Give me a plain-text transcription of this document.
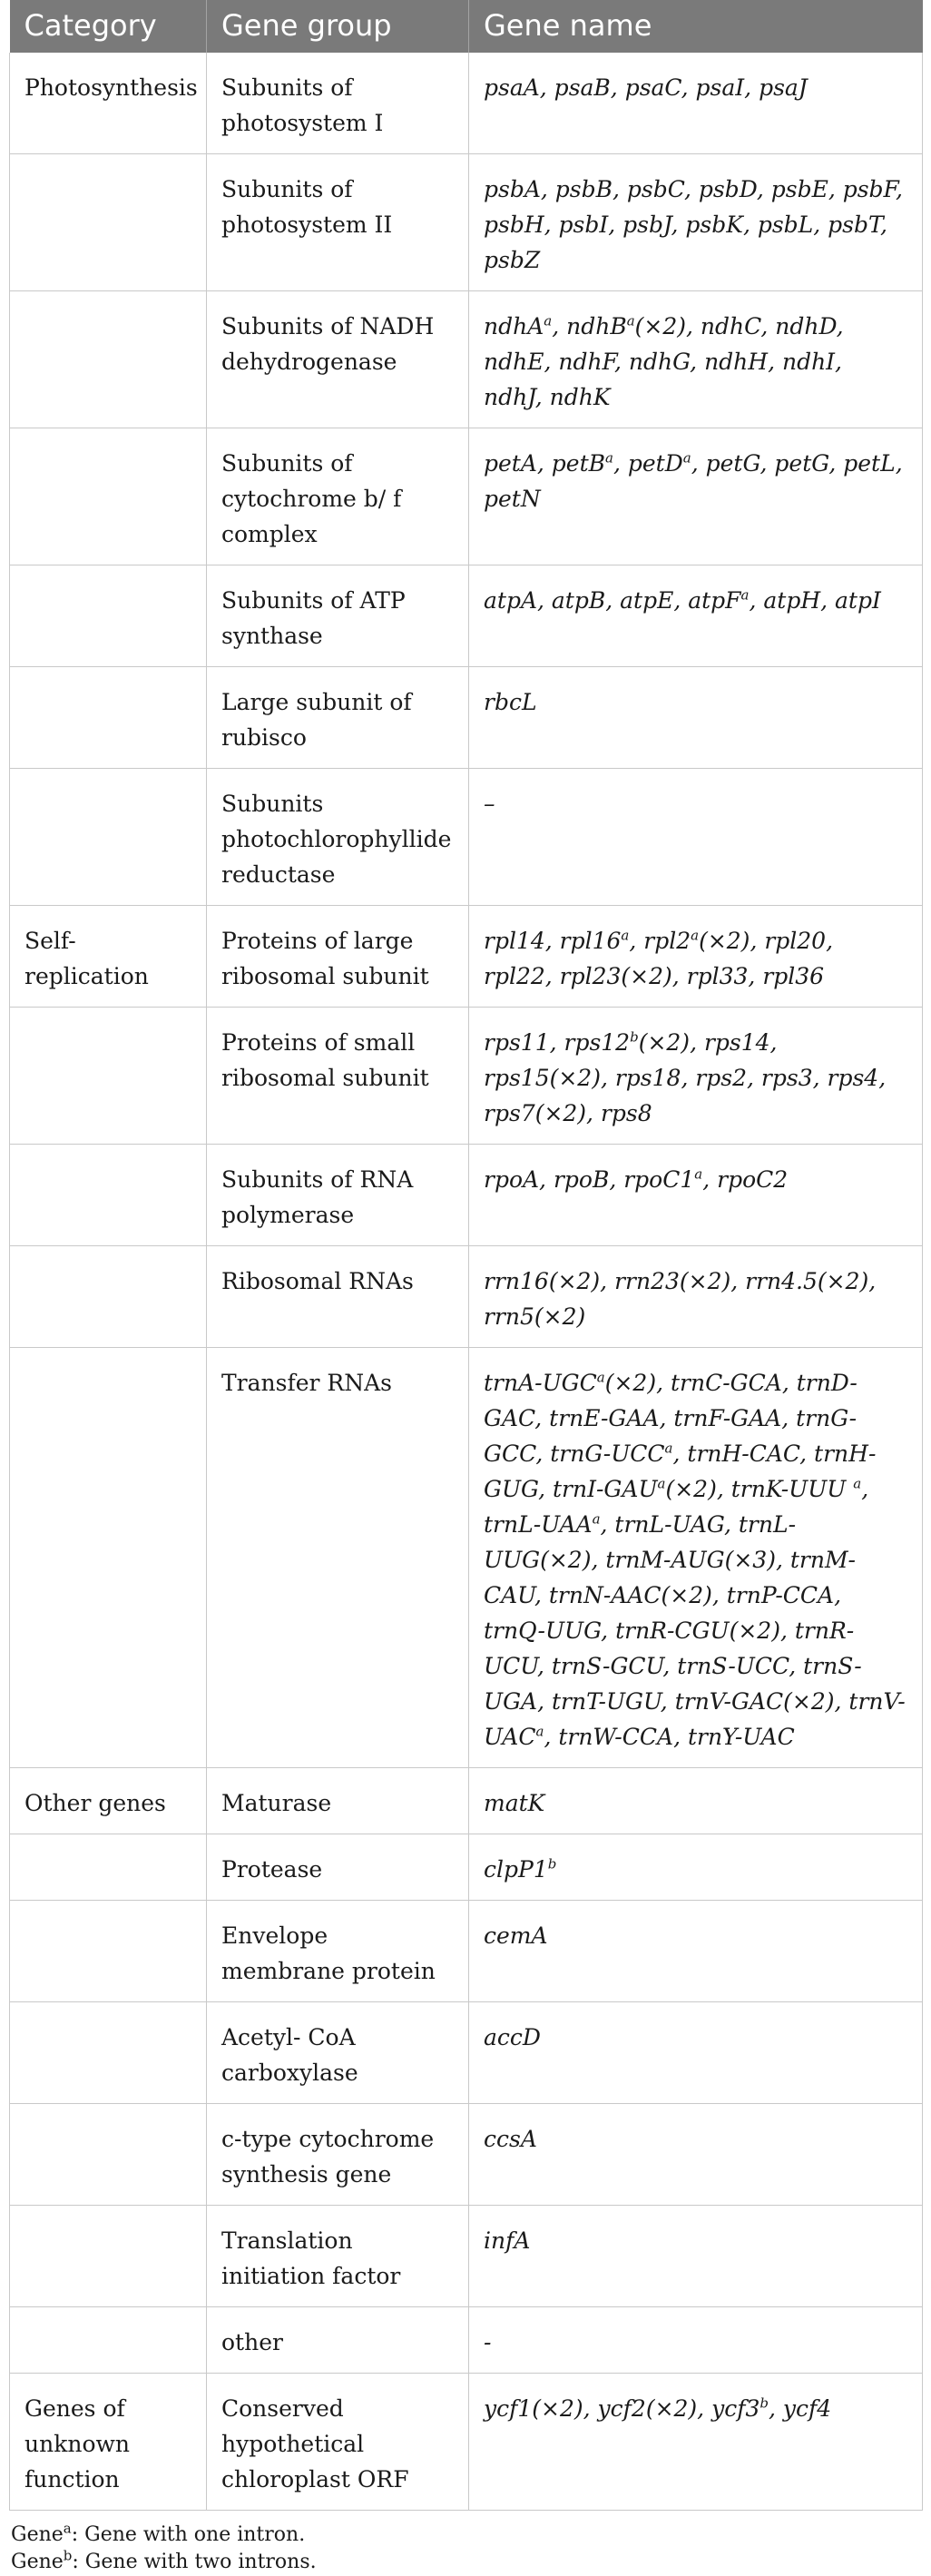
Category	Gene group	Gene name
Photosynthesis	Subunits of photosystem I	psaA, psaB, psaC, psaI, psaJ
	Subunits of photosystem II	psbA, psbB, psbC, psbD, psbE, psbF, psbH, psbI, psbJ, psbK, psbL, psbT, psbZ
	Subunits of NADH dehydrogenase	ndhA$^a$, ndhB$^a$(×2), ndhC, ndhD, ndhE, ndhF, ndhG, ndhH, ndhI, ndhJ, ndhK
	Subunits of cytochrome b/ f complex	petA, petB$^a$, petD$^a$, petG, petG, petL, petN
	Subunits of ATP synthase	atpA, atpB, atpE, atpF$^a$, atpH, atpI
	Large subunit of rubisco	rbcL
	Subunits photochlorophyllide reductase	–
Self- replication	Proteins of large ribosomal subunit	rpl14, rpl16$^a$, $rpl2^a(\times 2)$, rpl20, rpl22, rpl23(×2), rpl33, rpl36
	Proteins of small ribosomal subunit	rps11, $rps12^b(\times 2)$, rps14, rps15(×2), rps18, rps2, rps3, rps4, rps7(×2), rps8
	Subunits of RNA polymerase	rpoA, rpoB, rpoC1$^a$, rpoC2
	Ribosomal RNAs	rrn16(×2), rrn23(×2), rrn4.5(×2), rrn5(×2)
	Transfer RNAs	trnA-$UGC^a(\times 2)$, trnC-GCA, trnD-GAC, trnE-GAA, trnF-GAA, trnG-GCC, trnG-UCC$^a$, trnH-CAC, trnH-GUG, trnI-$GAU^a(\times 2)$, trnK-UUU $^a$, trnL-UAA$^a$, trnL-UAG, trnL-UUG(×2), trnM-AUG(×3), trnM-CAU, trnN-AAC(×2), trnP-CCA, trnQ-UUG, trnR-CGU(×2), trnR-UCU, trnS-GCU, trnS-UCC, trnS-UGA, trnT-UGU, trnV-GAC(×2), trnV-UAC$^a$, trnW-CCA, trnY-UAC
Other genes	Maturase	matK
	Protease	clpP1$^b$
	Envelope membrane protein	cemA
	Acetyl- CoA carboxylase	accD
	c-type cytochrome synthesis gene	ccsA
	Translation initiation factor	infA
	other	-
Genes of unknown function	Conserved hypothetical chloroplast ORF	ycf1(×2), ycf2(×2), ycf3$^b$, ycf4
Gene$^a$: Gene with one intron.
Gene$^b$: Gene with two introns.
